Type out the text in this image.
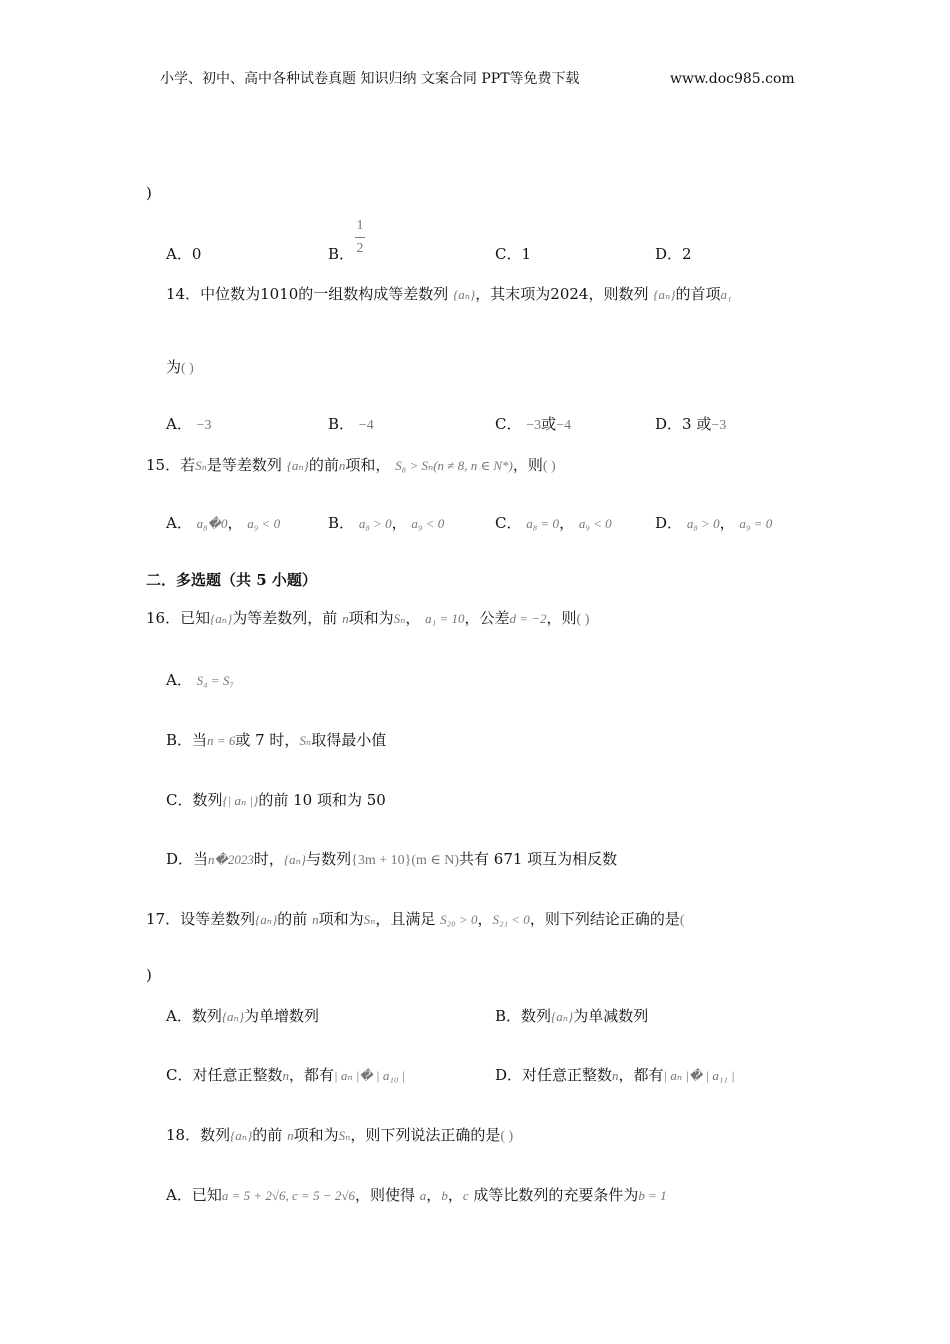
小学、初中、高中各种试卷真题 知识归纳 文案合同 PPT等免费下载	www.doc985.com
)
A．0	B．
1
2	C．1	D．2
14．中位数为1010的一组数构成等差数列 {aₙ}，其末项为2024，则数列 {aₙ}的首项a₁
为( )
A． −3	B． −4	C． −3或−4	D．3 或−3
15．若Sₙ是等差数列 {aₙ}的前n项和， S₈ > Sₙ(n ≠ 8, n ∈ N*)，则( )
A． a₈�0， a₉ < 0	B． a₈ > 0， a₉ < 0	C． a₈ = 0， a₉ < 0	D． a₈ > 0， a₉ = 0
二．多选题（共 5 小题）
16．已知{aₙ}为等差数列，前 n项和为Sₙ， a₁ = 10，公差d = −2，则( )
A． S₄ = S₇
B．当n = 6或 7 时，Sₙ取得最小值
C．数列{| aₙ |}的前 10 项和为 50
D．当n�2023时，{aₙ}与数列{3m + 10}(m ∈ N)共有 671 项互为相反数
17．设等差数列{aₙ}的前 n项和为Sₙ，且满足 S₂₀ > 0，S₂₁ < 0，则下列结论正确的是(
)
A．数列{aₙ}为单增数列	B．数列{aₙ}为单减数列
C．对任意正整数n，都有| aₙ |� | a₁₀ |	D．对任意正整数n，都有| aₙ |� | a₁₁ |
18．数列{aₙ}的前 n项和为Sₙ，则下列说法正确的是( )
A．已知a = 5 + 2√6, c = 5 − 2√6，则使得 a，b，c 成等比数列的充要条件为b = 1
